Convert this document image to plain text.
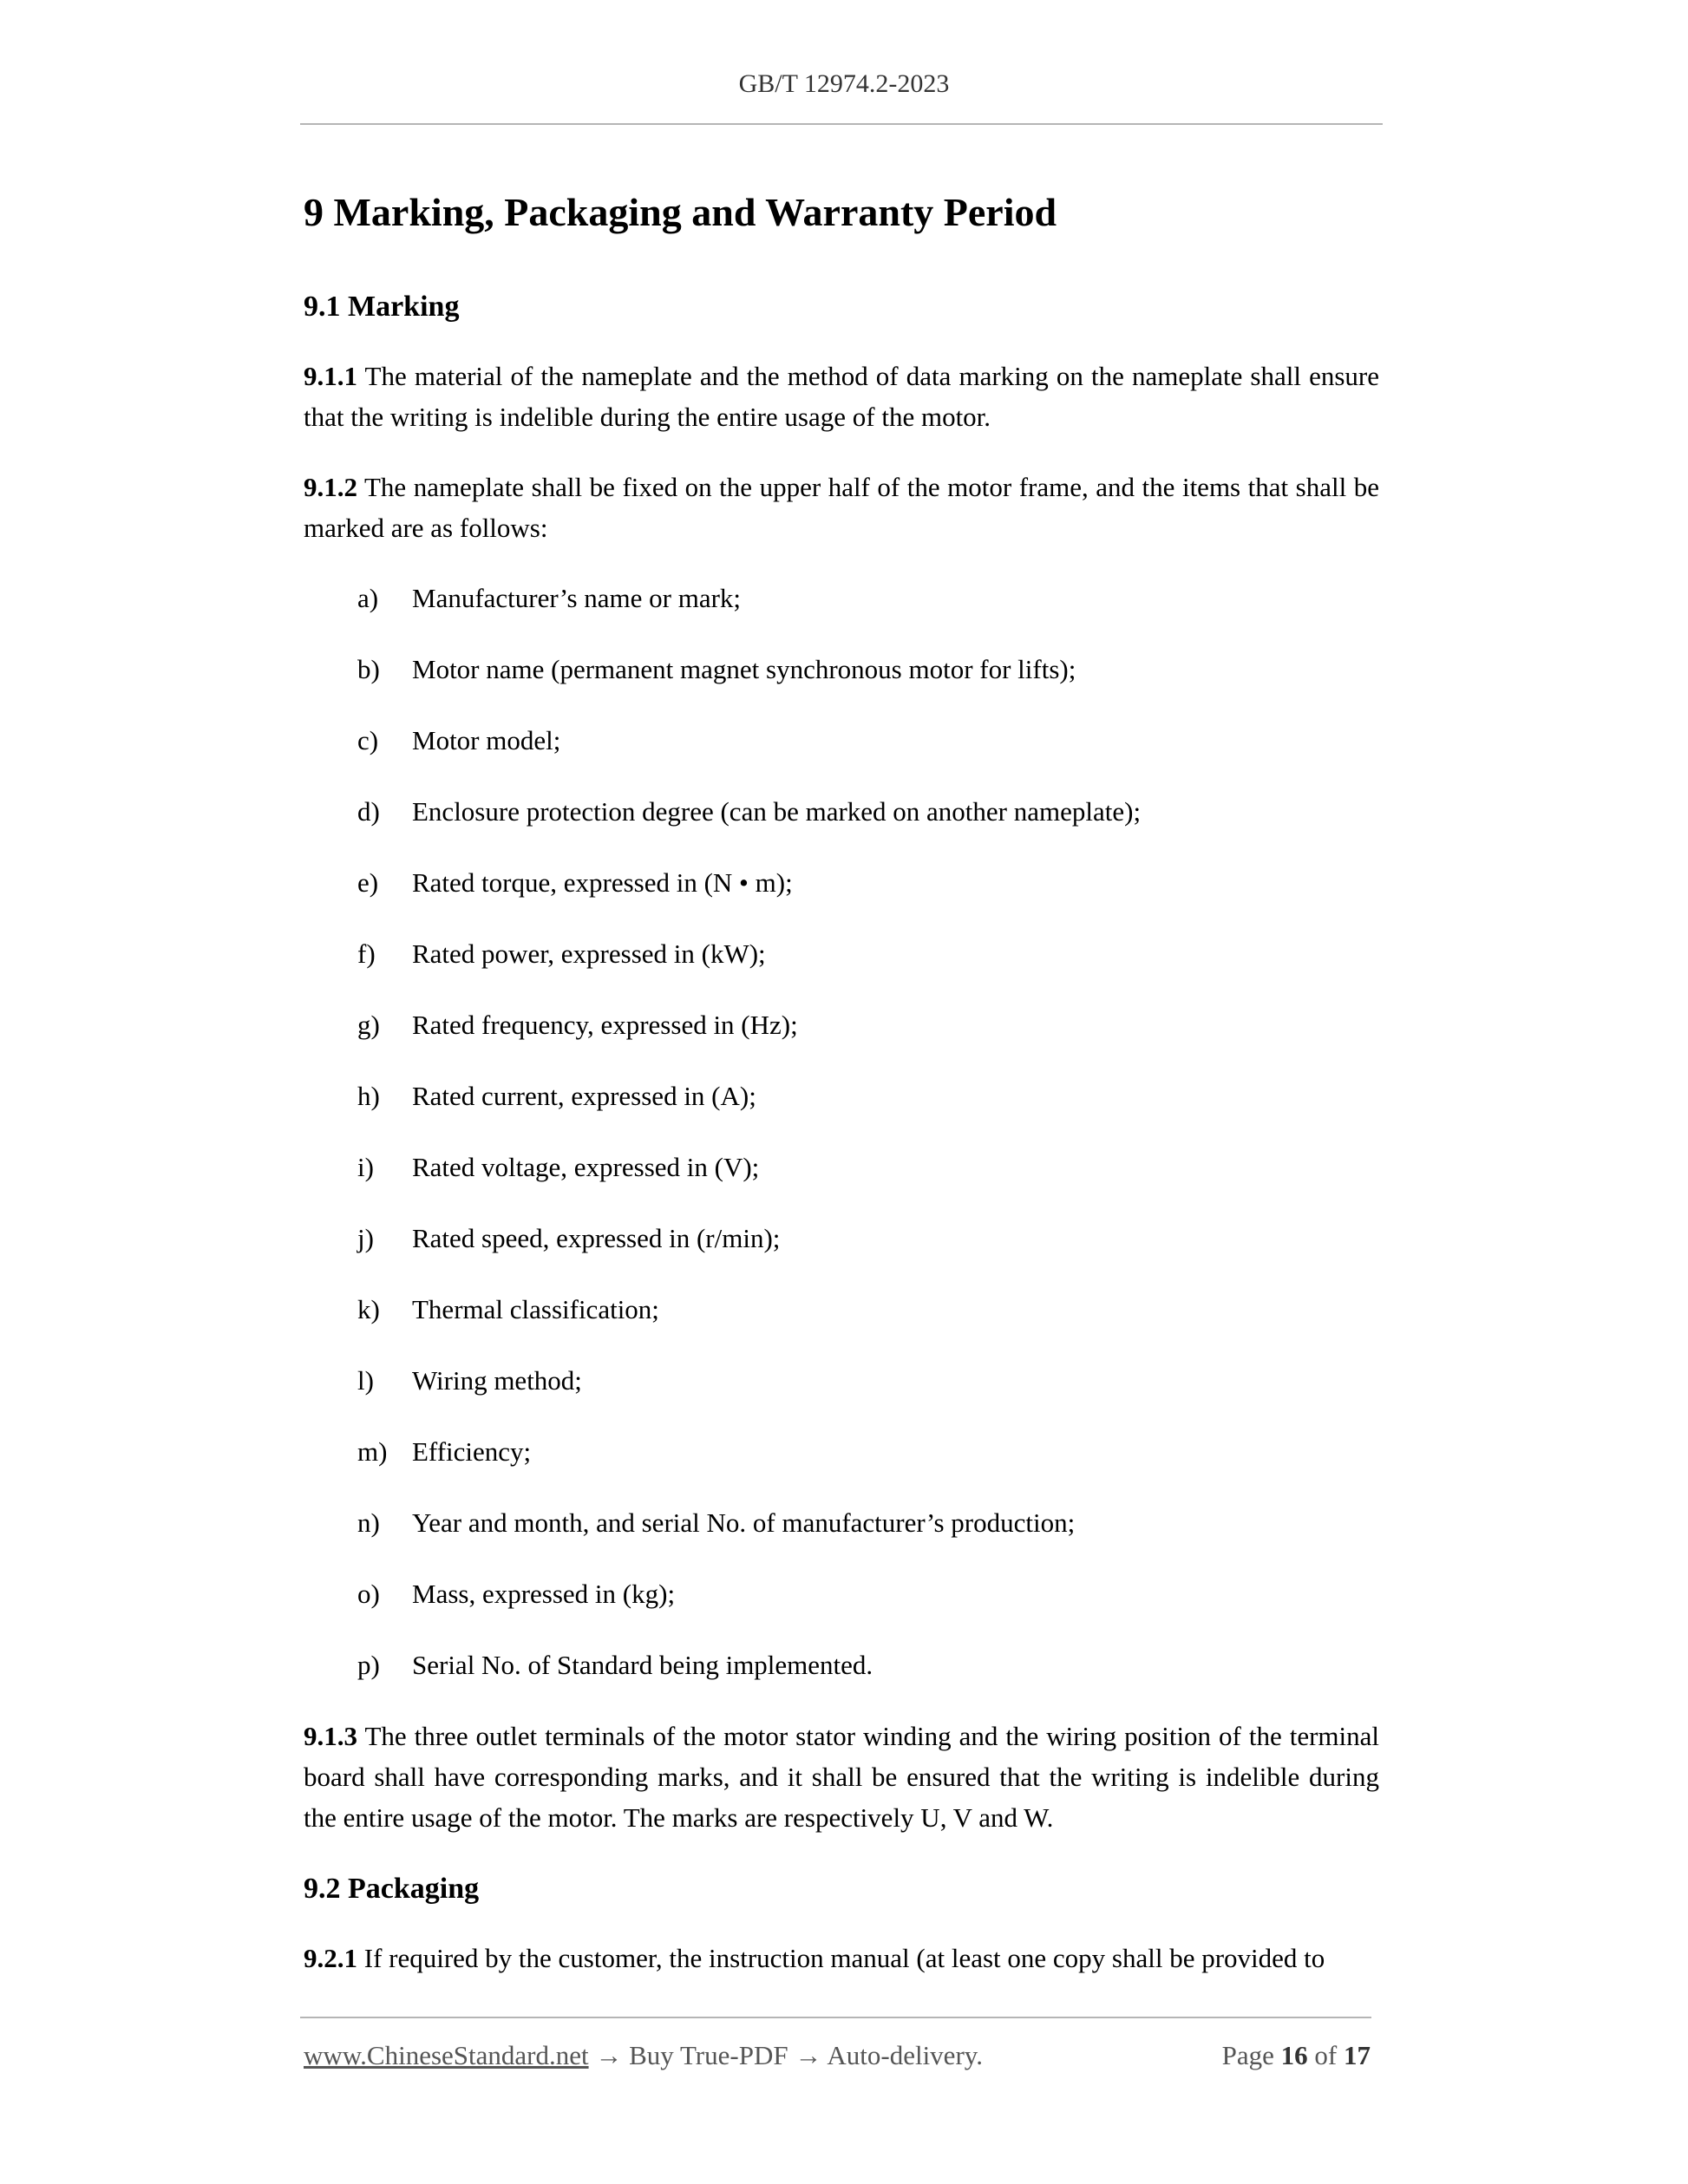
GB/T 12974.2-2023
9 Marking, Packaging and Warranty Period
9.1 Marking

9.1.1 The material of the nameplate and the method of data marking on the nameplate shall ensure that the writing is indelible during the entire usage of the motor.

9.1.2 The nameplate shall be fixed on the upper half of the motor frame, and the items that shall be marked are as follows:

a)	Manufacturer’s name or mark;
b)	Motor name (permanent magnet synchronous motor for lifts);
c)	Motor model;
d)	Enclosure protection degree (can be marked on another nameplate);
e)	Rated torque, expressed in (N • m);
f)	Rated power, expressed in (kW);
g)	Rated frequency, expressed in (Hz);
h)	Rated current, expressed in (A);
i)	Rated voltage, expressed in (V);
j)	Rated speed, expressed in (r/min);
k)	Thermal classification;
l)	Wiring method;
m) Efficiency;
n)	Year and month, and serial No. of manufacturer’s production;
o)	Mass, expressed in (kg);
p)	Serial No. of Standard being implemented.

9.1.3 The three outlet terminals of the motor stator winding and the wiring position of the terminal board shall have corresponding marks, and it shall be ensured that the writing is indelible during the entire usage of the motor. The marks are respectively U, V and W.

9.2 Packaging

9.2.1 If required by the customer, the instruction manual (at least one copy shall be provided to

www.ChineseStandard.net → Buy True-PDF → Auto-delivery.	Page 16 of 17
